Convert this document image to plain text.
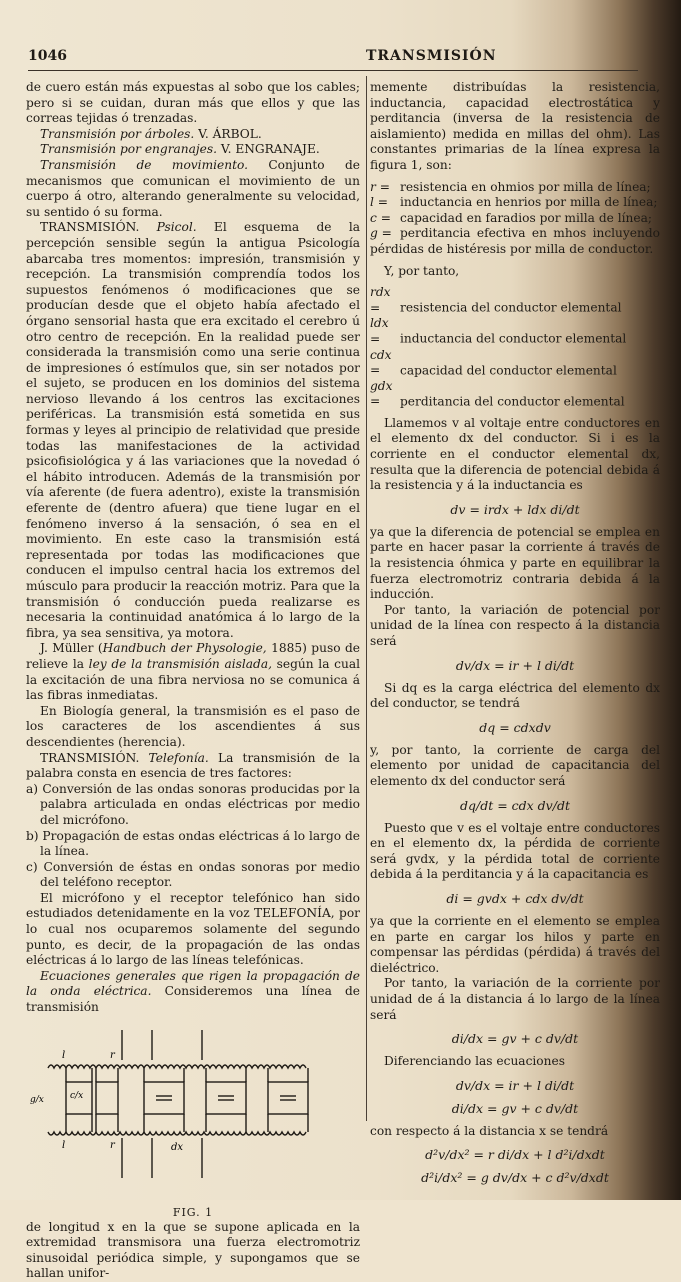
1046	TRANSMISIÓN

de cuero están más expuestas al sobo que los cables; pero si se cuidan, duran más que ellos y que las correas tejidas ó trenzadas.

Transmisión por árboles. V. ÁRBOL.

Transmisión por engranajes. V. ENGRANAJE.

Transmisión de movimiento. Conjunto de mecanismos que comunican el movimiento de un cuerpo á otro, alterando generalmente su velocidad, su sentido ó su forma.

TRANSMISIÓN. Psicol. El esquema de la percepción sensible según la antigua Psicología abarcaba tres momentos: impresión, transmisión y recepción. La transmisión comprendía todos los supuestos fenómenos ó modificaciones que se producían desde que el objeto había afectado el órgano sensorial hasta que era excitado el cerebro ú otro centro de recepción. En la realidad puede ser considerada la transmisión como una serie continua de impresiones ó estímulos que, sin ser notados por el sujeto, se producen en los dominios del sistema nervioso llevando á los centros las excitaciones periféricas. La transmisión está sometida en sus formas y leyes al principio de relatividad que preside todas las manifestaciones de la actividad psicofisiológica y á las variaciones que la novedad ó el hábito introducen. Además de la transmisión por vía aferente (de fuera adentro), existe la transmisión eferente de (dentro afuera) que tiene lugar en el fenómeno inverso á la sensación, ó sea en el movimiento. En este caso la transmisión está representada por todas las modificaciones que conducen el impulso central hacia los extremos del músculo para producir la reacción motriz. Para que la transmisión ó conducción pueda realizarse es necesaria la continuidad anatómica á lo largo de la fibra, ya sea sensitiva, ya motora.

J. Müller (Handbuch der Physologie, 1885) puso de relieve la ley de la transmisión aislada, según la cual la excitación de una fibra nerviosa no se comunica á las fibras inmediatas.

En Biología general, la transmisión es el paso de los caracteres de los ascendientes á sus descendientes (herencia).

TRANSMISIÓN. Telefonía. La transmisión de la palabra consta en esencia de tres factores:

a) Conversión de las ondas sonoras producidas por la palabra articulada en ondas eléctricas por medio del micrófono.

b) Propagación de estas ondas eléctricas á lo largo de la línea.

c) Conversión de éstas en ondas sonoras por medio del teléfono receptor.

El micrófono y el receptor telefónico han sido estudiados detenidamente en la voz TELEFONÍA, por lo cual nos ocuparemos solamente del segundo punto, es decir, de la propagación de las ondas eléctricas á lo largo de las líneas telefónicas.

Ecuaciones generales que rigen la propagación de la onda eléctrica. Consideremos una línea de transmisión

l	r
g/x	c/x
l	r	dx
FIG. 1

de longitud x en la que se supone aplicada en la extremidad transmisora una fuerza electromotriz sinusoidal periódica simple, y supongamos que se hallan unifor-

memente distribuídas la resistencia, inductancia, capacidad electrostática y perditancia (inversa de la resistencia de aislamiento) medida en millas del ohm). Las constantes primarias de la línea expresa la figura 1, son:

r = resistencia en ohmios por milla de línea;

l = inductancia en henrios por milla de línea;

c = capacidad en faradios por milla de línea;

g = perditancia efectiva en mhos incluyendo pérdidas de histéresis por milla de conductor.

Y, por tanto,

rdx = resistencia del conductor elemental

ldx = inductancia del conductor elemental

cdx = capacidad del conductor elemental

gdx = perditancia del conductor elemental

Llamemos v al voltaje entre conductores en el elemento dx del conductor. Si i es la corriente en el conductor elemental dx, resulta que la diferencia de potencial debida á la resistencia y á la inductancia es

dv = irdx + ldx di/dt

ya que la diferencia de potencial se emplea en parte en hacer pasar la corriente á través de la resistencia óhmica y parte en equilibrar la fuerza electromotriz contraria debida á la inducción.

Por tanto, la variación de potencial por unidad de la línea con respecto á la distancia será

dv/dx = ir + l di/dt

Si dq es la carga eléctrica del elemento dx del conductor, se tendrá

dq = cdxdv

y, por tanto, la corriente de carga del elemento por unidad de capacitancia del elemento dx del conductor será

dq/dt = cdx dv/dt

Puesto que v es el voltaje entre conductores en el elemento dx, la pérdida de corriente será gvdx, y la pérdida total de corriente debida á la perditancia y á la capacitancia es

di = gvdx + cdx dv/dt

ya que la corriente en el elemento se emplea en parte en cargar los hilos y parte en compensar las pérdidas (pérdida) á través del dieléctrico.

Por tanto, la variación de la corriente por unidad de á la distancia á lo largo de la línea será

di/dx = gv + c dv/dt

Diferenciando las ecuaciones

dv/dx = ir + l di/dt
di/dx = gv + c dv/dt

con respecto á la distancia x se tendrá

d²v/dx² = r di/dx + l d²i/dxdt
d²i/dx² = g dv/dx + c d²v/dxdt
